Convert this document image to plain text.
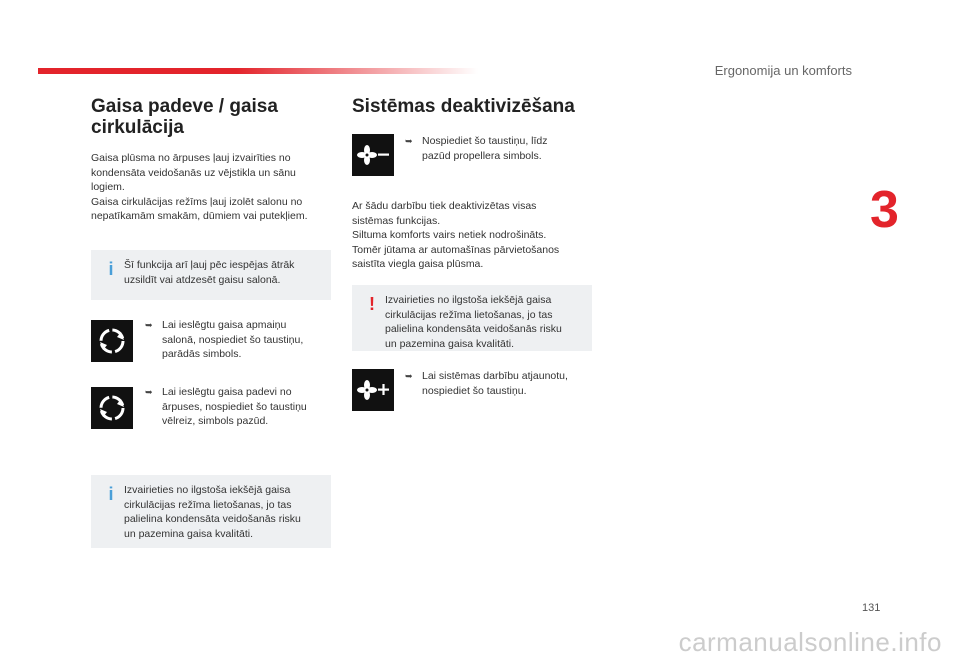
Ergonomija un komforts
3
Gaisa padeve / gaisa
cirkulācija

Gaisa plūsma no ārpuses ļauj izvairīties no

kondensāta veidošanās uz vējstikla un sānu

logiem.

Gaisa cirkulācijas režīms ļauj izolēt salonu no

nepatīkamām smakām, dūmiem vai putekļiem.

i	Šī funkcija arī ļauj pēc iespējas ātrāk

uzsildīt vai atdzesēt gaisu salonā.

➥ Lai ieslēgtu gaisa apmaiņu
salonā, nospiediet šo taustiņu,
parādās simbols.
➥ Lai ieslēgtu gaisa padevi no
ārpuses, nospiediet šo taustiņu
vēlreiz, simbols pazūd.
i	Izvairieties no ilgstoša iekšējā gaisa

cirkulācijas režīma lietošanas, jo tas

palielina kondensāta veidošanās risku

un pazemina gaisa kvalitāti.

Sistēmas deaktivizēšana
➥ Nospiediet šo taustiņu, līdz
pazūd propellera simbols.

Ar šādu darbību tiek deaktivizētas visas

sistēmas funkcijas.

Siltuma komforts vairs netiek nodrošināts.

Tomēr jūtama ar automašīnas pārvietošanos

saistīta viegla gaisa plūsma.

! Izvairieties no ilgstoša iekšējā gaisa

cirkulācijas režīma lietošanas, jo tas

palielina kondensāta veidošanās risku

un pazemina gaisa kvalitāti.

➥ Lai sistēmas darbību atjaunotu,
nospiediet šo taustiņu.
131
carmanualsonline.info
